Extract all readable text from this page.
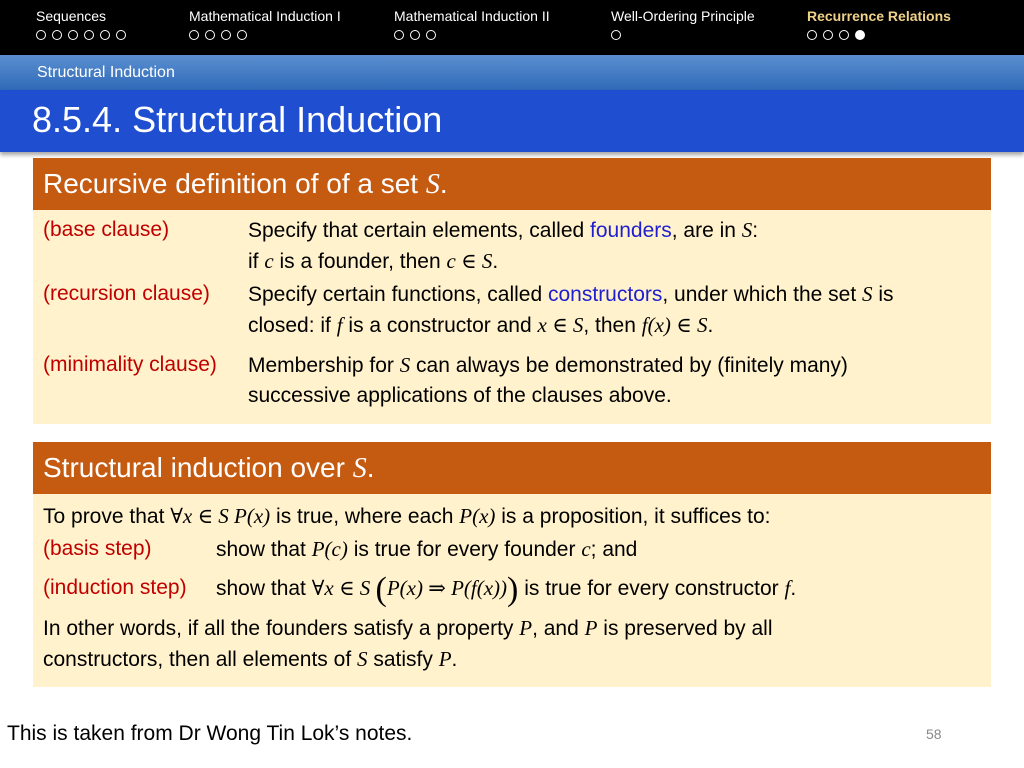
Sequences	Mathematical Induction I	Mathematical Induction II	Well-Ordering Principle	Recurrence Relations
Structural Induction
8.5.4. Structural Induction
Recursive definition of of a set S.
(base clause)	Specify that certain elements, called founders, are in S:
if c is a founder, then c ∈ S.
(recursion clause) Specify certain functions, called constructors, under which the set S is
closed: if f is a constructor and x ∈ S, then f(x) ∈ S.
(minimality clause) Membership for S can always be demonstrated by (finitely many)
successive applications of the clauses above.
Structural induction over S.
To prove that ∀x ∈ S P(x) is true, where each P(x) is a proposition, it suffices to:
(basis step)	show that P(c) is true for every founder c; and
(induction step) show that ∀x ∈ S (P(x) ⇒ P(f(x))) is true for every constructor f.
In other words, if all the founders satisfy a property P, and P is preserved by all
constructors, then all elements of S satisfy P.
This is taken from Dr Wong Tin Lok’s notes.	58
